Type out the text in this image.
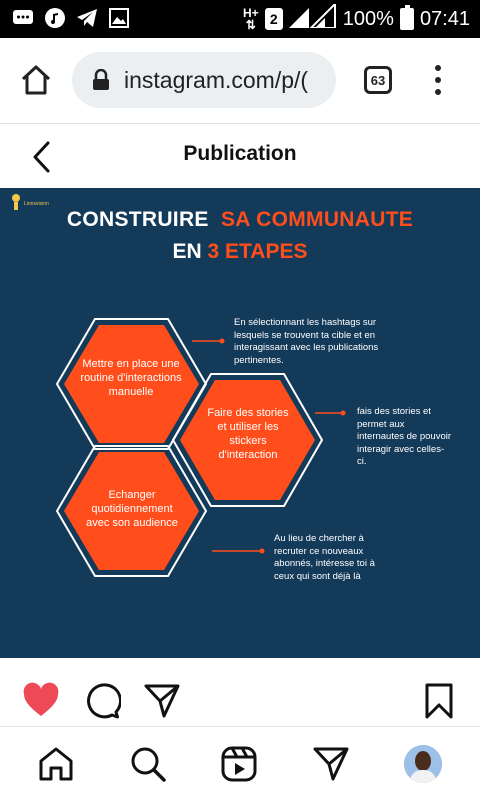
H+
⇅	2	100% 07:41
instagram.com/p/(	63
Publication
Lionsvision
CONSTRUIRE SA COMMUNAUTE
EN 3 ETAPES
Mettre en place une routine d'interactions manuelle
Faire des stories et utiliser les stickers d'interaction
Echanger quotidiennement avec son audience
En sélectionnant les hashtags sur lesquels se trouvent ta cible et en interagissant avec les publications pertinentes.
fais des stories et permet aux internautes de pouvoir interagir avec celles-ci.
Au lieu de chercher à recruter ce nouveaux abonnés, intéresse toi à ceux qui sont déjà là
